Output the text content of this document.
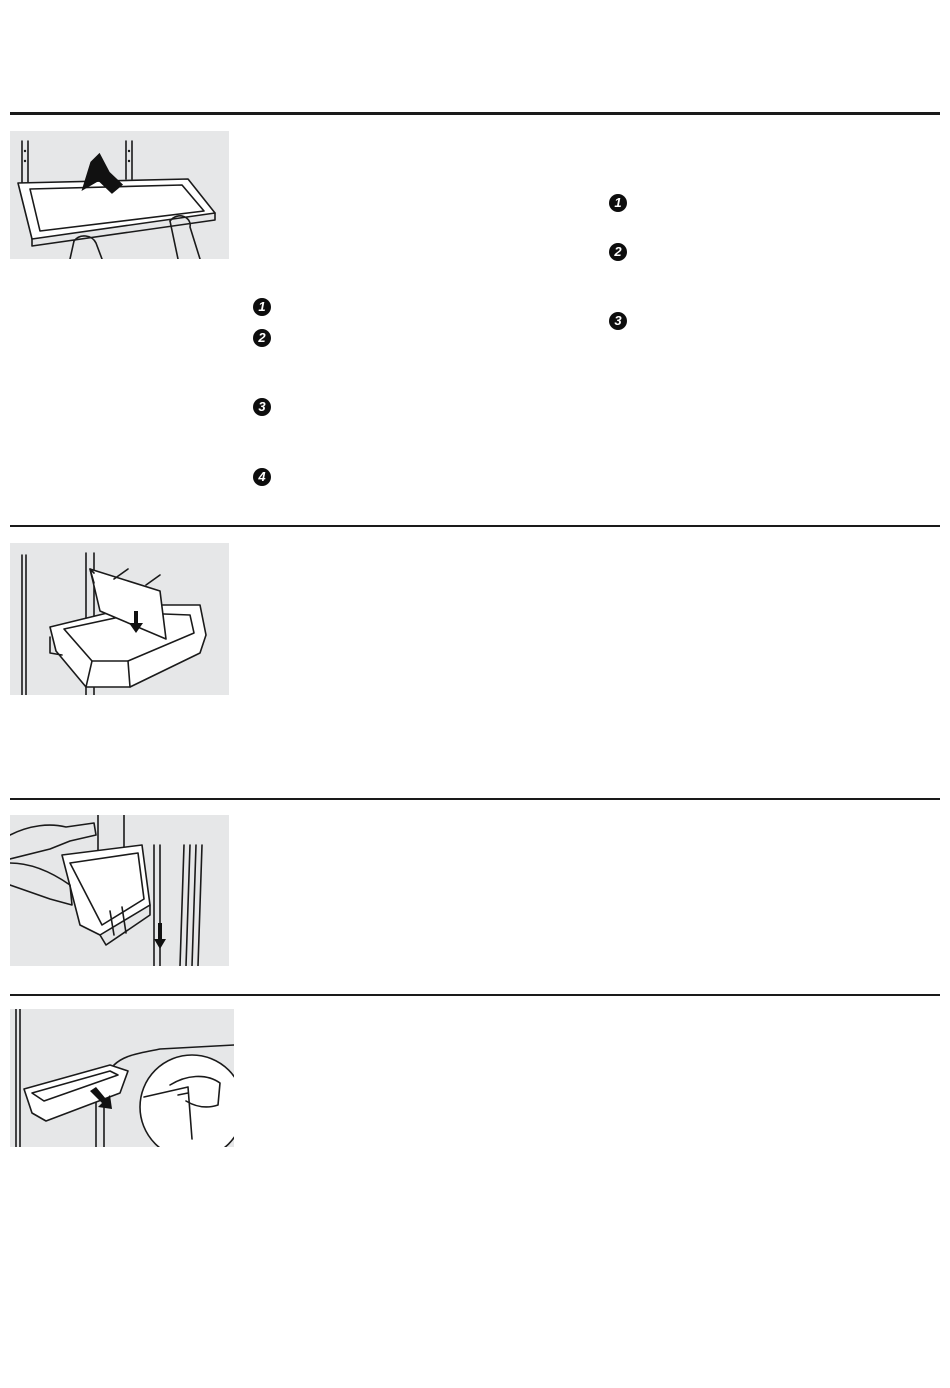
1
2
3
4
1
2
3
